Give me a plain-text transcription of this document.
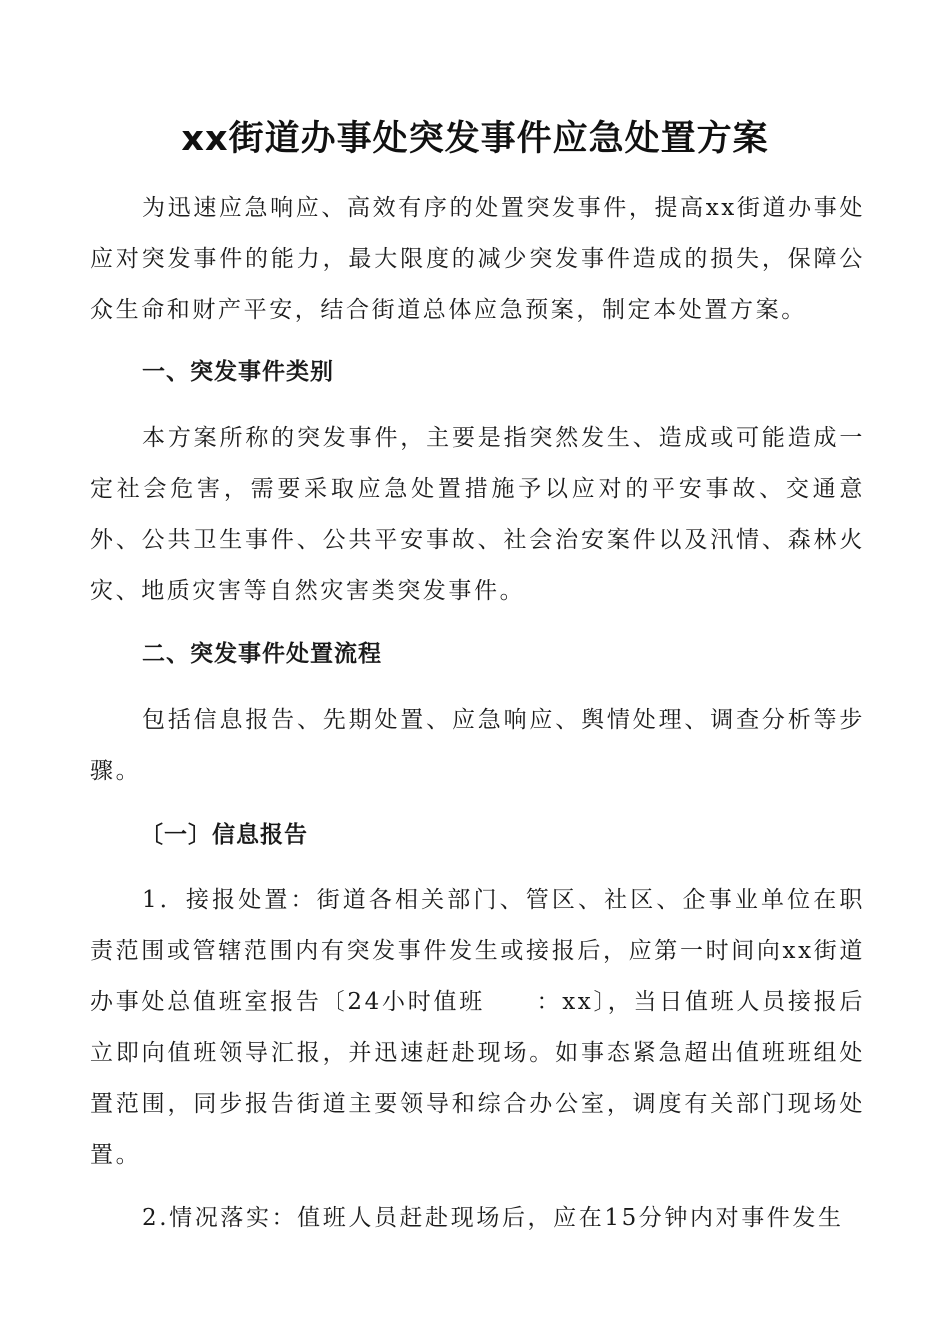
xx街道办事处突发事件应急处置方案

为迅速应急响应、高效有序的处置突发事件，提高xx街道办事处应对突发事件的能力，最大限度的减少突发事件造成的损失，保障公众生命和财产平安，结合街道总体应急预案，制定本处置方案。

一、突发事件类别

本方案所称的突发事件，主要是指突然发生、造成或可能造成一定社会危害，需要采取应急处置措施予以应对的平安事故、交通意外、公共卫生事件、公共平安事故、社会治安案件以及汛情、森林火灾、地质灾害等自然灾害类突发事件。

二、突发事件处置流程

包括信息报告、先期处置、应急响应、舆情处理、调查分析等步骤。

〔一〕信息报告

1．接报处置：街道各相关部门、管区、社区、企事业单位在职责范围或管辖范围内有突发事件发生或接报后，应第一时间向xx街道办事处总值班室报告〔24小时值班　　：xx〕，当日值班人员接报后立即向值班领导汇报，并迅速赶赴现场。如事态紧急超出值班班组处置范围，同步报告街道主要领导和综合办公室，调度有关部门现场处置。

2.情况落实：值班人员赶赴现场后，应在15分钟内对事件发生
